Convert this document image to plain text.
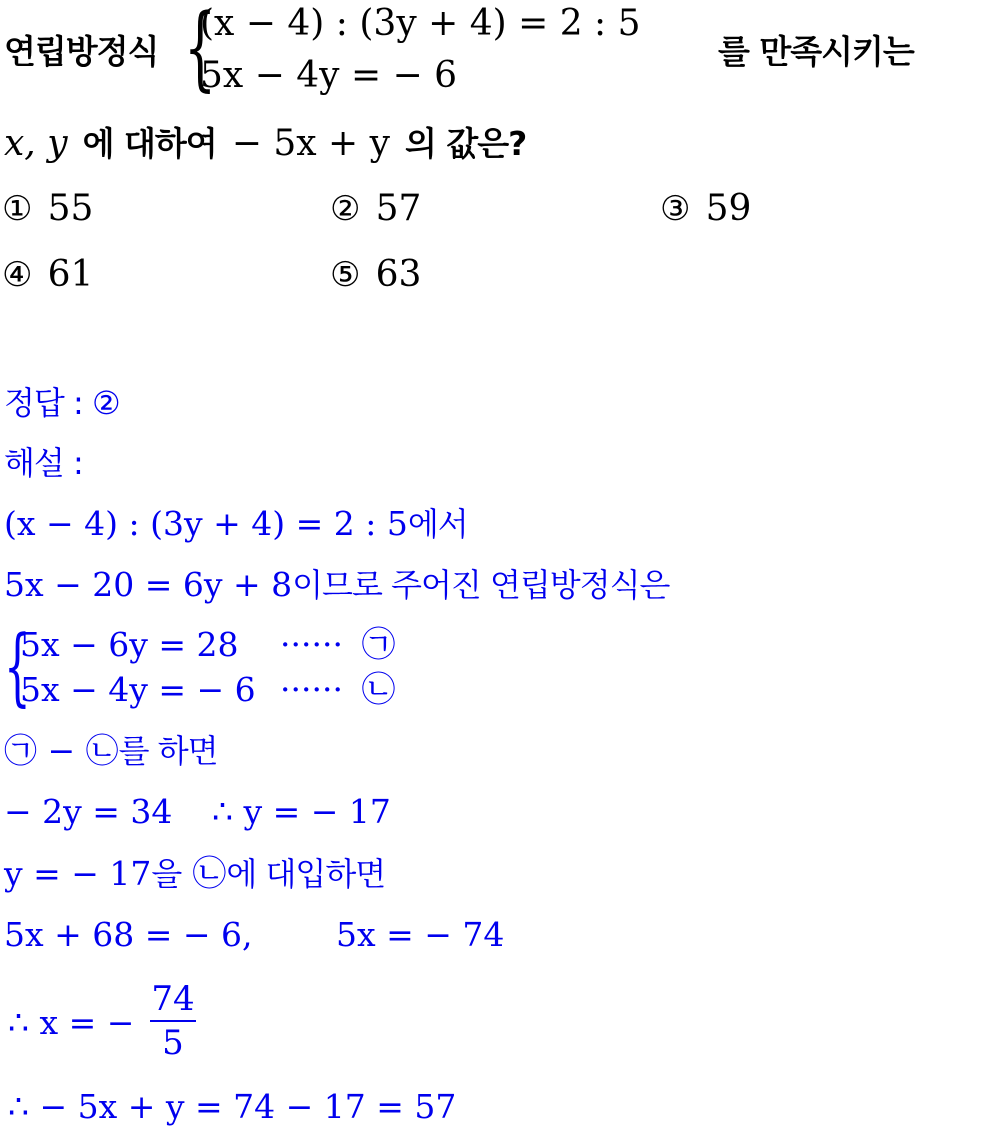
연립방정식 {
(x − 4) : (3y + 4) = 2 : 5
5x − 4y = − 6
를 만족시키는
x, y 에 대하여 − 5x + y 의 값은?
① 55	② 57	③ 59
④ 61	⑤ 63
정답 : ②
해설 :
(x − 4) : (3y + 4) = 2 : 5에서
5x − 20 = 6y + 8이므로 주어진 연립방정식은
{
5x − 6y = 28 ······ ㉠
5x − 4y = − 6 ······ ㉡
㉠ − ㉡를 하면
− 2y = 34 ∴ y = − 17
y = − 17을 ㉡에 대입하면
5x + 68 = − 6,	5x = − 74
∴ x = −
74
5
∴ − 5x + y = 74 − 17 = 57
